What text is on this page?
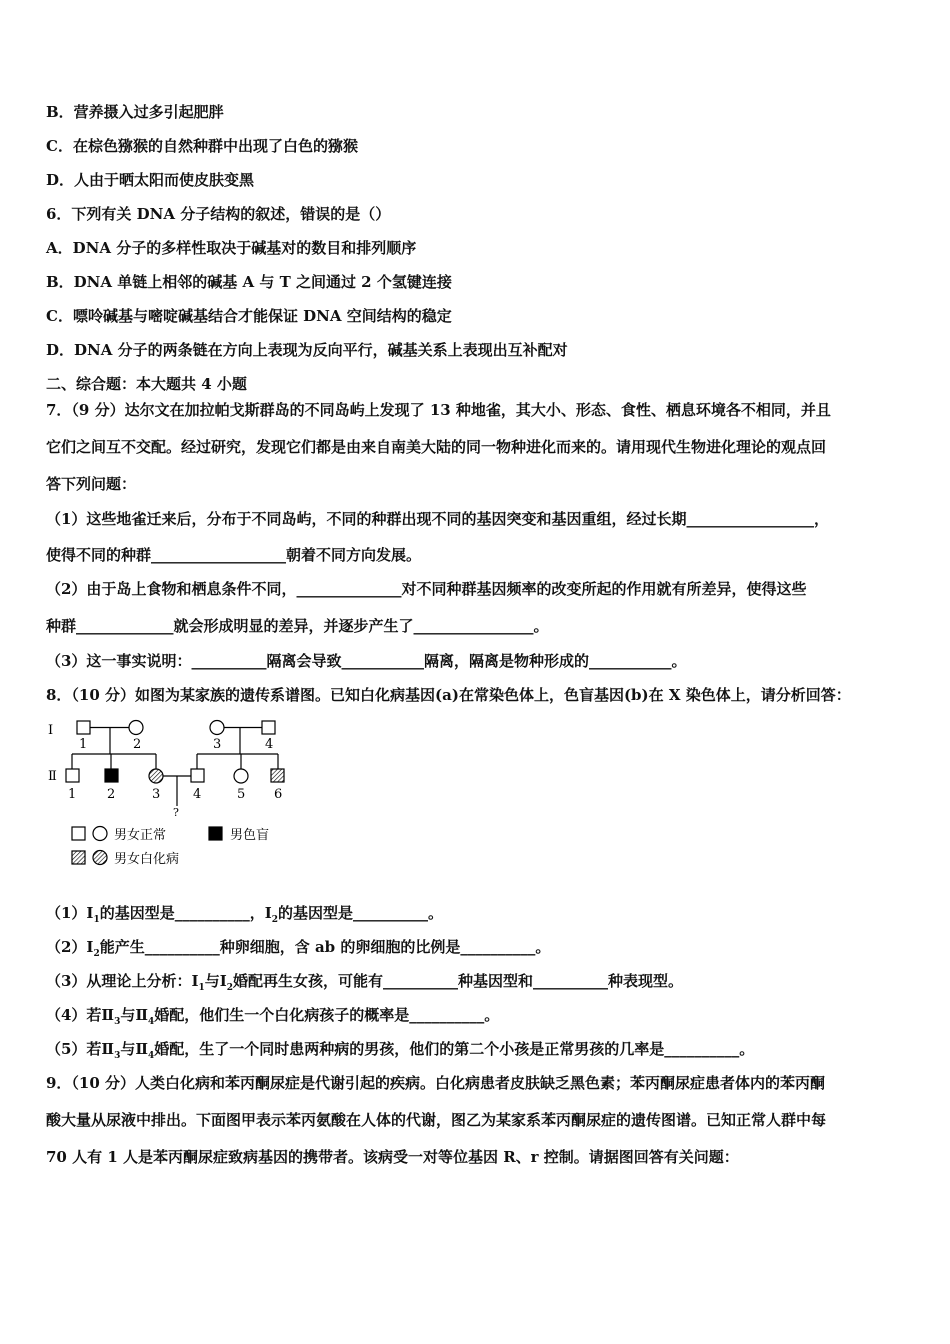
B．营养摄入过多引起肥胖
C．在棕色猕猴的自然种群中出现了白色的猕猴
D．人由于晒太阳而使皮肤变黑
6．下列有关 DNA 分子结构的叙述，错误的是（）
A．DNA 分子的多样性取决于碱基对的数目和排列顺序
B．DNA 单链上相邻的碱基 A 与 T 之间通过 2 个氢键连接
C．嘌呤碱基与嘧啶碱基结合才能保证 DNA 空间结构的稳定
D．DNA 分子的两条链在方向上表现为反向平行，碱基关系上表现出互补配对
二、综合题：本大题共 4 小题
7．（9 分）达尔文在加拉帕戈斯群岛的不同岛屿上发现了 13 种地雀，其大小、形态、食性、栖息环境各不相同，并且
它们之间互不交配。经过研究，发现它们都是由来自南美大陆的同一物种进化而来的。请用现代生物进化理论的观点回
答下列问题：
（1）这些地雀迁来后，分布于不同岛屿，不同的种群出现不同的基因突变和基因重组，经过长期_________________，
使得不同的种群__________________朝着不同方向发展。
（2）由于岛上食物和栖息条件不同，______________对不同种群基因频率的改变所起的作用就有所差异，使得这些
种群_____________就会形成明显的差异，并逐步产生了________________。
（3）这一事实说明：__________隔离会导致___________隔离，隔离是物种形成的___________。
8．（10 分）如图为某家族的遗传系谱图。已知白化病基因(a)在常染色体上，色盲基因(b)在 X 染色体上，请分析回答：
Ⅰ
Ⅱ
1	2	3	4
1 2	3	4	5 6
?
男女正常	男色盲
男女白化病
$(1)Ⅰ_1$的基因型是__________，$Ⅰ_2$的基因型是__________。
$(2)Ⅰ_2$能产生__________种卵细胞，含 ab 的卵细胞的比例是__________。
（3）从理论上分析：$Ⅰ_1$与$Ⅰ_2$婚配再生女孩，可能有__________种基因型和__________种表现型。
（4）若$Ⅱ_3$与$Ⅱ_4$婚配，他们生一个白化病孩子的概率是__________。
（5）若$Ⅱ_3$与$Ⅱ_4$婚配，生了一个同时患两种病的男孩，他们的第二个小孩是正常男孩的几率是__________。
9．（10 分）人类白化病和苯丙酮尿症是代谢引起的疾病。白化病患者皮肤缺乏黑色素；苯丙酮尿症患者体内的苯丙酮
酸大量从尿液中排出。下面图甲表示苯丙氨酸在人体的代谢，图乙为某家系苯丙酮尿症的遗传图谱。已知正常人群中每
70 人有 1 人是苯丙酮尿症致病基因的携带者。该病受一对等位基因 R、r 控制。请据图回答有关问题：
